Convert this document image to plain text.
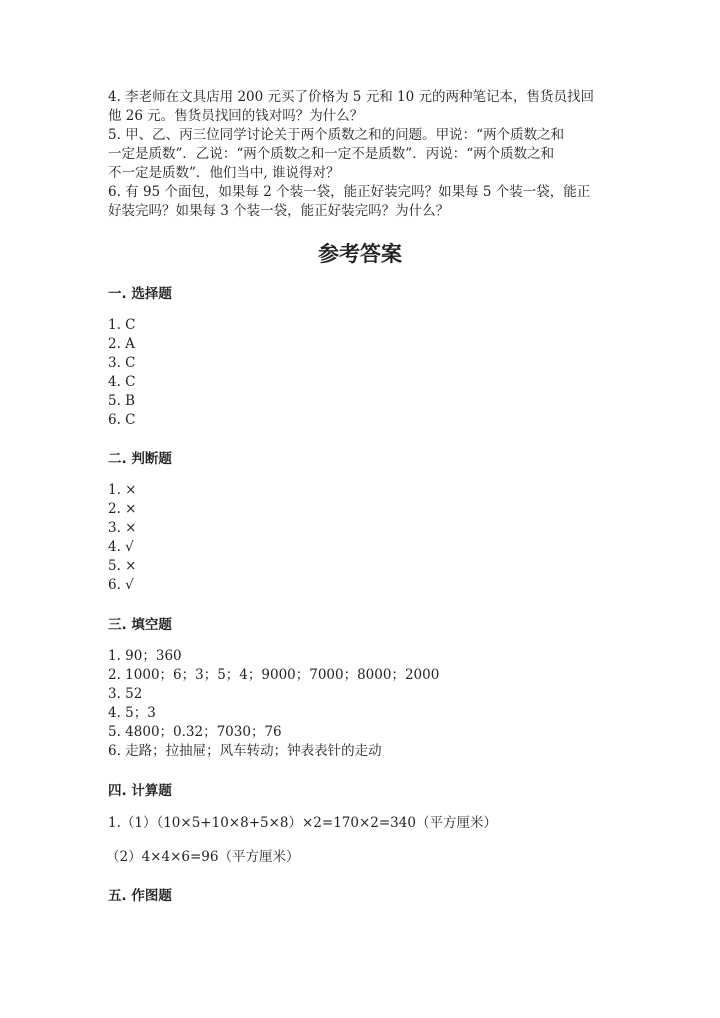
4. 李老师在文具店用 200 元买了价格为 5 元和 10 元的两种笔记本，售货员找回
他 26 元。售货员找回的钱对吗？为什么？
5. 甲、乙、丙三位同学讨论关于两个质数之和的问题。甲说：“两个质数之和
一定是质数”．乙说：“两个质数之和一定不是质数”．丙说：“两个质数之和
不一定是质数”．他们当中, 谁说得对？
6. 有 95 个面包，如果每 2 个装一袋，能正好装完吗？如果每 5 个装一袋，能正
好装完吗？如果每 3 个装一袋，能正好装完吗？为什么？
参考答案
一. 选择题
1. C
2. A
3. C
4. C
5. B
6. C
二. 判断题
1. ×
2. ×
3. ×
4. √
5. ×
6. √
三. 填空题
1. 90；360
2. 1000；6；3；5；4；9000；7000；8000；2000
3. 52
4. 5；3
5. 4800；0.32；7030；76
6. 走路；拉抽屉；风车转动；钟表表针的走动
四. 计算题
1.（1）（10×5+10×8+5×8）×2=170×2=340（平方厘米）
（2）4×4×6=96（平方厘米）
五. 作图题
